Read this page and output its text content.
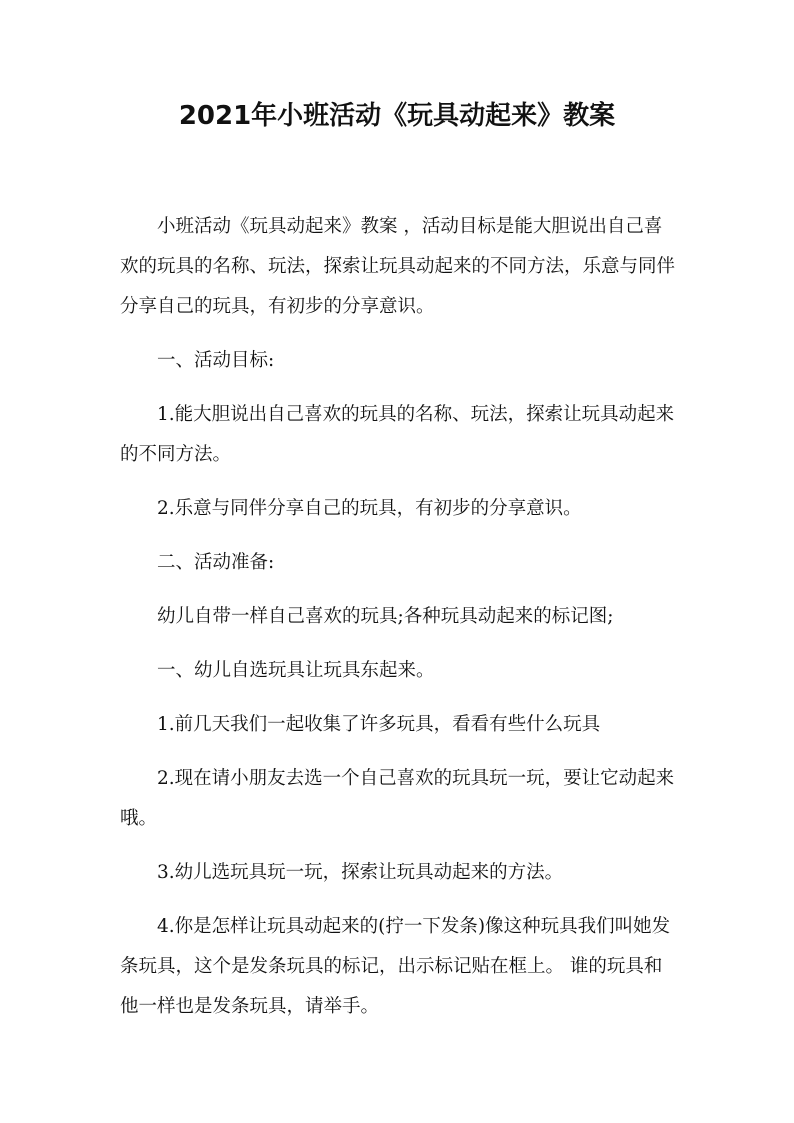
2021年小班活动《玩具动起来》教案

小班活动《玩具动起来》教案 ，活动目标是能大胆说出自己喜欢的玩具的名称、玩法，探索让玩具动起来的不同方法，乐意与同伴分享自己的玩具，有初步的分享意识。

一、活动目标:

1.能大胆说出自己喜欢的玩具的名称、玩法，探索让玩具动起来的不同方法。

2.乐意与同伴分享自己的玩具，有初步的分享意识。

二、活动准备:

幼儿自带一样自己喜欢的玩具;各种玩具动起来的标记图;

一、幼儿自选玩具让玩具东起来。

1.前几天我们一起收集了许多玩具，看看有些什么玩具

2.现在请小朋友去选一个自己喜欢的玩具玩一玩，要让它动起来哦。

3.幼儿选玩具玩一玩，探索让玩具动起来的方法。

4.你是怎样让玩具动起来的(拧一下发条)像这种玩具我们叫她发条玩具，这个是发条玩具的标记，出示标记贴在框上。 谁的玩具和他一样也是发条玩具，请举手。
